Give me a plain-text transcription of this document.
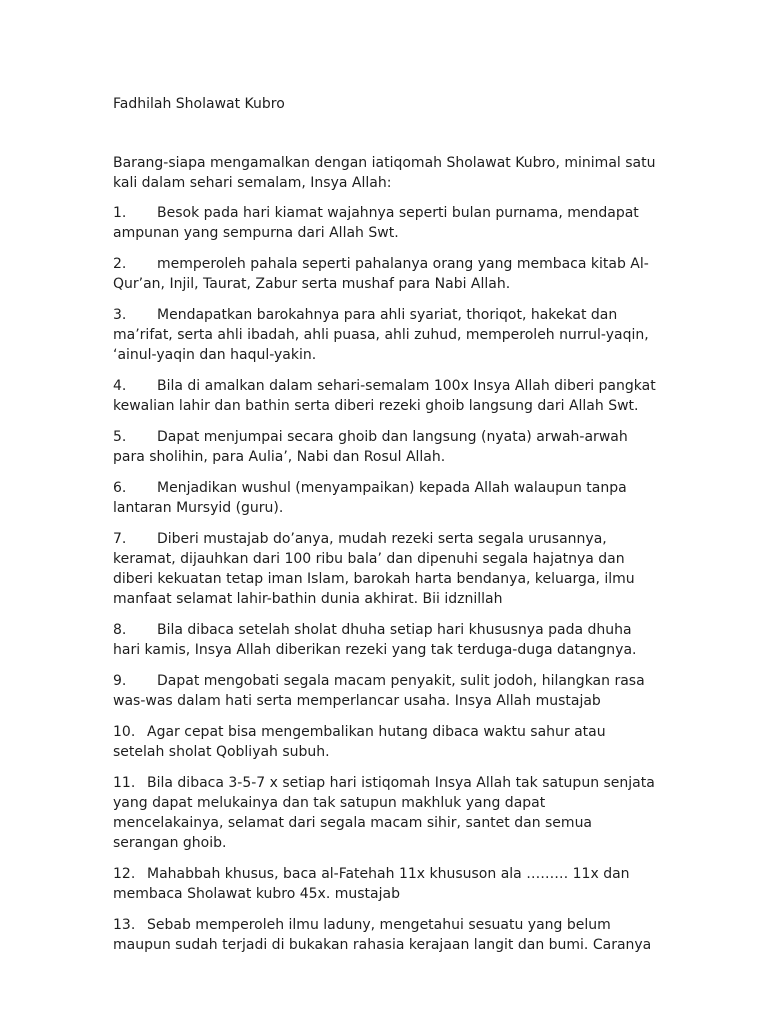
Fadhilah Sholawat Kubro

Barang-siapa mengamalkan dengan iatiqomah Sholawat Kubro, minimal satu kali dalam sehari semalam, Insya Allah:

1. Besok pada hari kiamat wajahnya seperti bulan purnama, mendapat ampunan yang sempurna dari Allah Swt.
2. memperoleh pahala seperti pahalanya orang yang membaca kitab Al-Qur’an, Injil, Taurat, Zabur serta mushaf para Nabi Allah.
3. Mendapatkan barokahnya para ahli syariat, thoriqot, hakekat dan ma’rifat, serta ahli ibadah, ahli puasa, ahli zuhud, memperoleh nurrul-yaqin, ‘ainul-yaqin dan haqul-yakin.
4. Bila di amalkan dalam sehari-semalam 100x Insya Allah diberi pangkat kewalian lahir dan bathin serta diberi rezeki ghoib langsung dari Allah Swt.
5. Dapat menjumpai secara ghoib dan langsung (nyata) arwah-arwah para sholihin, para Aulia’, Nabi dan Rosul Allah.
6. Menjadikan wushul (menyampaikan) kepada Allah walaupun tanpa lantaran Mursyid (guru).
7. Diberi mustajab do’anya, mudah rezeki serta segala urusannya, keramat, dijauhkan dari 100 ribu bala’ dan dipenuhi segala hajatnya dan diberi kekuatan tetap iman Islam, barokah harta bendanya, keluarga, ilmu manfaat selamat lahir-bathin dunia akhirat. Bii idznillah
8. Bila dibaca setelah sholat dhuha setiap hari khususnya pada dhuha hari kamis, Insya Allah diberikan rezeki yang tak terduga-duga datangnya.
9. Dapat mengobati segala macam penyakit, sulit jodoh, hilangkan rasa was-was dalam hati serta memperlancar usaha. Insya Allah mustajab
10. Agar cepat bisa mengembalikan hutang dibaca waktu sahur atau setelah sholat Qobliyah subuh.
11. Bila dibaca 3-5-7 x setiap hari istiqomah Insya Allah tak satupun senjata yang dapat melukainya dan tak satupun makhluk yang dapat mencelakainya, selamat dari segala macam sihir, santet dan semua serangan ghoib.
12. Mahabbah khusus, baca al-Fatehah 11x khususon ala ……… 11x dan membaca Sholawat kubro 45x. mustajab
13. Sebab memperoleh ilmu laduny, mengetahui sesuatu yang belum maupun sudah terjadi di bukakan rahasia kerajaan langit dan bumi. Caranya
